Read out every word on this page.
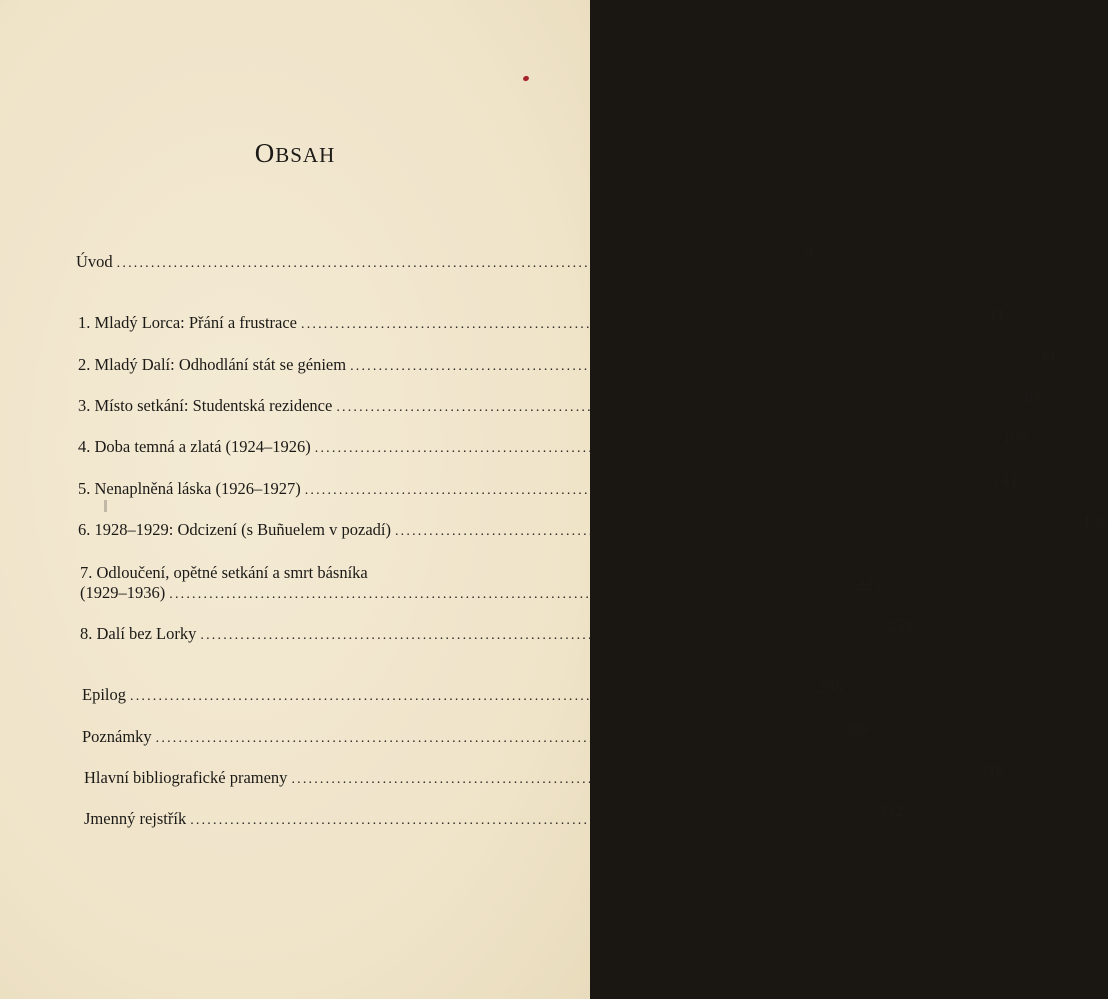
OBSAH
Úvod ........................................................................................................................
9
1. Mladý Lorca: Přání a frustrace ........................................................................................................................
11
2. Mladý Dalí: Odhodlání stát se géniem ........................................................................................................................
39
3. Místo setkání: Studentská rezidence ........................................................................................................................
63
4. Doba temná a zlatá (1924–1926) ........................................................................................................................
103
5. Nenaplněná láska (1926–1927) ........................................................................................................................
141
6. 1928–1929: Odcizení (s Buñuelem v pozadí) ........................................................................................................................
189
7. Odloučení, opětné setkání a smrt básníka
(1929–1936) ........................................................................................................................
221
8. Dalí bez Lorky ........................................................................................................................
253
Epilog ........................................................................................................................
285
Poznámky ........................................................................................................................
289
Hlavní bibliografické prameny ........................................................................................................................
315
Jmenný rejstřík ........................................................................................................................
332
